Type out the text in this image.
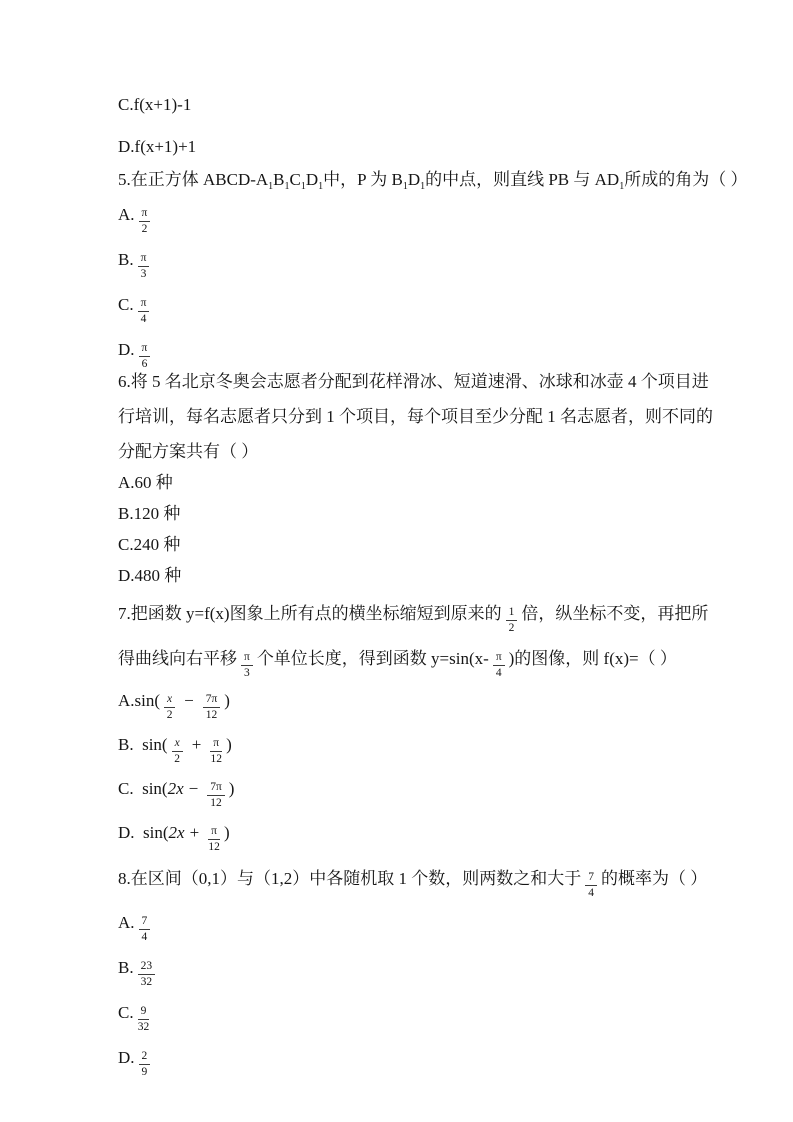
C.f(x+1)-1
D.f(x+1)+1
5.在正方体 ABCD-$A_1B_1C_1D_1$中，P 为 $B_1D_1$的中点，则直线 PB 与 $AD_1$所成的角为（ ）
A. $\frac{\pi}{2}$
B. $\frac{\pi}{3}$
C. $\frac{\pi}{4}$
D. $\frac{\pi}{6}$
6.将 5 名北京冬奥会志愿者分配到花样滑冰、短道速滑、冰球和冰壶 4 个项目进
行培训，每名志愿者只分到 1 个项目，每个项目至少分配 1 名志愿者，则不同的
分配方案共有（ ）
A.60 种
B.120 种
C.240 种
D.480 种
7.把函数 y=f(x)图象上所有点的横坐标缩短到原来的 $\frac{1}{2}$ 倍，纵坐标不变，再把所
得曲线向右平移 $\frac{\pi}{3}$ 个单位长度，得到函数 $y=\sin(x- \frac{\pi}{4}$ )的图像，则 f(x)=（ ）
$A.\sin( \frac{x}{2} - \frac{7\pi}{12}$ )
B.  $\sin( \frac{x}{2} + \frac{\pi}{12}$ )
C.  $\sin(2x - \frac{7\pi}{12}$ )
D.  $\sin(2x + \frac{\pi}{12}$ )
8.在区间（0,1）与（1,2）中各随机取 1 个数，则两数之和大于 $\frac{7}{4}$ 的概率为（ ）
A. $\frac{7}{4}$
B. $\frac{23}{32}$
C. $\frac{9}{32}$
D. $\frac{2}{9}$
